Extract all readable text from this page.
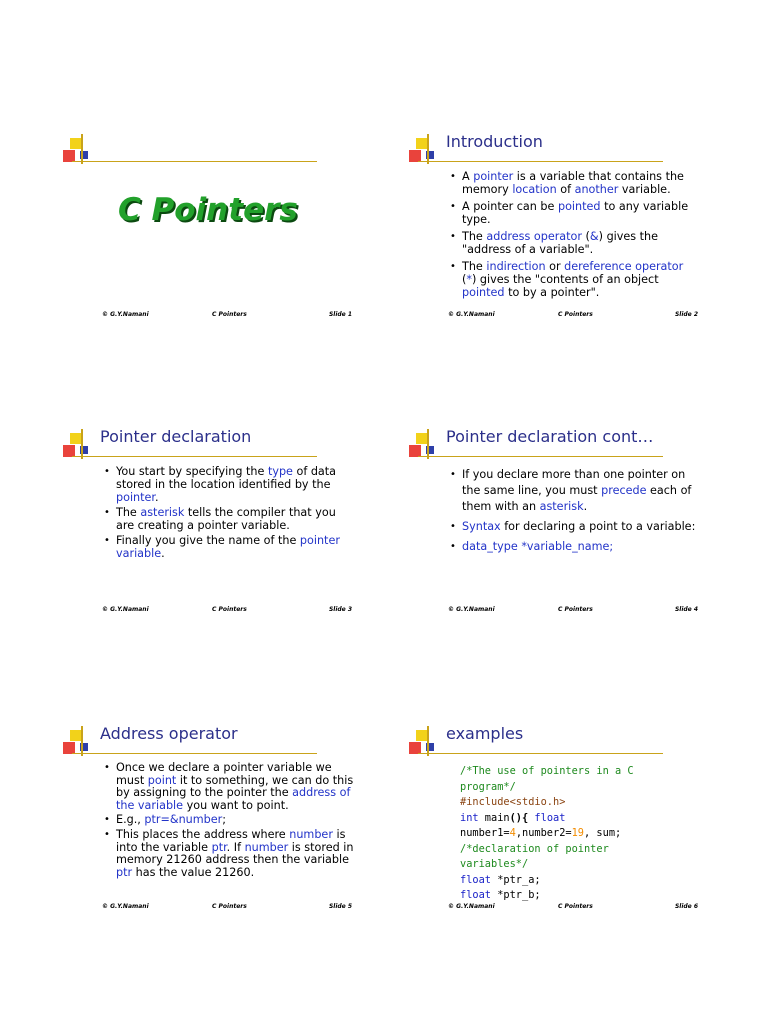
C Pointers
© G.Y.Namani	C Pointers	Slide 1
Introduction
• A pointer is a variable that contains the memory location of another variable.
• A pointer can be pointed to any variable type.
• The address operator (&) gives the "address of a variable".
• The indirection or dereference operator (*) gives the "contents of an object pointed to by a pointer".
© G.Y.Namani	C Pointers	Slide 2
Pointer declaration
• You start by specifying the type of data stored in the location identified by the pointer.
• The asterisk tells the compiler that you are creating a pointer variable.
• Finally you give the name of the pointer variable.
© G.Y.Namani	C Pointers	Slide 3
Pointer declaration cont…
• If you declare more than one pointer on the same line, you must precede each of them with an asterisk.
• Syntax for declaring a point to a variable:
• data_type *variable_name;
© G.Y.Namani	C Pointers	Slide 4
Address operator
• Once we declare a pointer variable we must point it to something, we can do this by assigning to the pointer the address of the variable you want to point.
• E.g., ptr=&number;
• This places the address where number is into the variable ptr. If number is stored in memory 21260 address then the variable ptr has the value 21260.
© G.Y.Namani	C Pointers	Slide 5
examples
/*The use of pointers in a C
program*/
#include<stdio.h>
int main(){ float
number1=4,number2=19, sum;
/*declaration of pointer
variables*/
float *ptr_a;
float *ptr_b;
© G.Y.Namani	C Pointers	Slide 6
